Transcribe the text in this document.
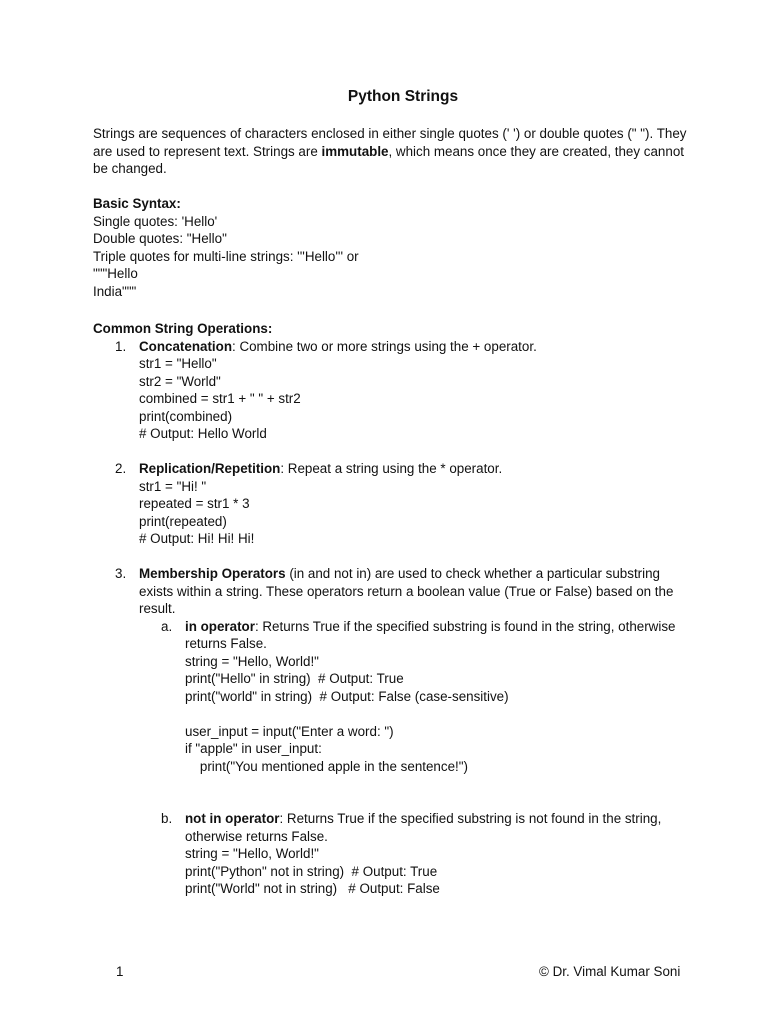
Python Strings
Strings are sequences of characters enclosed in either single quotes (' ') or double quotes (" "). They
are used to represent text. Strings are immutable, which means once they are created, they cannot
be changed.
Basic Syntax:
Single quotes: 'Hello'
Double quotes: "Hello"
Triple quotes for multi-line strings: '''Hello''' or
"""Hello
India"""
Common String Operations:
1. Concatenation: Combine two or more strings using the + operator.
str1 = "Hello"
str2 = "World"
combined = str1 + " " + str2
print(combined)
# Output: Hello World
2. Replication/Repetition: Repeat a string using the * operator.
str1 = "Hi! "
repeated = str1 * 3
print(repeated)
# Output: Hi! Hi! Hi!
3. Membership Operators (in and not in) are used to check whether a particular substring
exists within a string. These operators return a boolean value (True or False) based on the
result.
a. in operator: Returns True if the specified substring is found in the string, otherwise
returns False.
string = "Hello, World!"
print("Hello" in string)  # Output: True
print("world" in string)  # Output: False (case-sensitive)
user_input = input("Enter a word: ")
if "apple" in user_input:
print("You mentioned apple in the sentence!")
b. not in operator: Returns True if the specified substring is not found in the string,
otherwise returns False.
string = "Hello, World!"
print("Python" not in string)  # Output: True
print("World" not in string)   # Output: False
1	© Dr. Vimal Kumar Soni
